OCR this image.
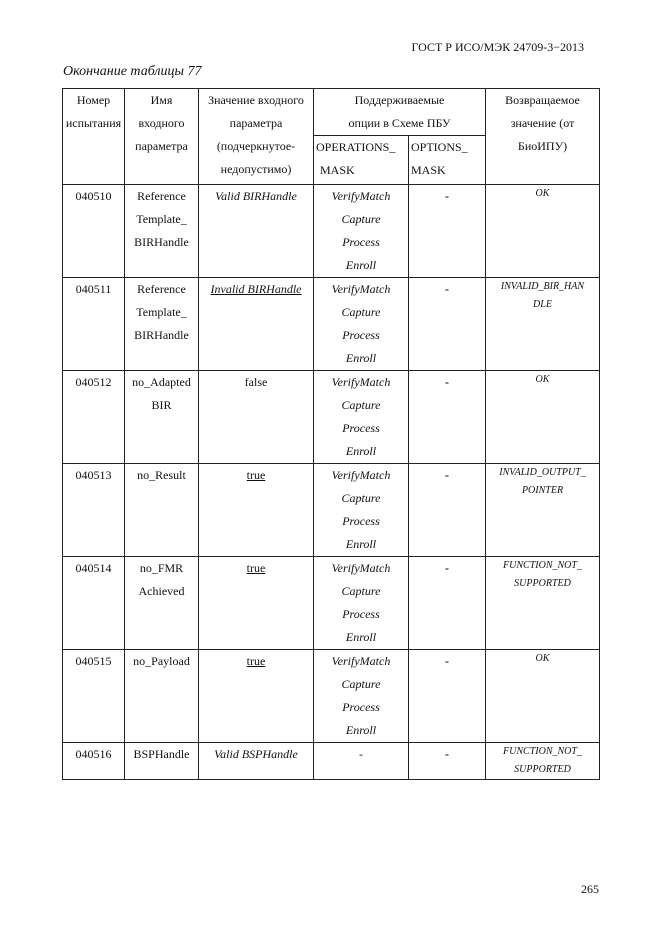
ГОСТ Р ИСО/МЭК 24709-3−2013
Окончание таблицы 77
Номер
испытания	Имя
входного
параметра	Значение входного
параметра
(подчеркнутое-
недопустимо)	Поддерживаемые
опции в Схеме ПБУ		Возвращаемое
значение (от
БиоИПУ)

			OPERATIONS_
MASK	OPTIONS_
MASK	

040510	Reference
Template_
BIRHandle	Valid BIRHandle	VerifyMatch
Capture
Process
Enroll	-	OK

040511	Reference
Template_
BIRHandle	Invalid BIRHandle	VerifyMatch
Capture
Process
Enroll	-	INVALID_BIR_HAN
DLE

040512	no_Adapted
BIR	false	VerifyMatch
Capture
Process
Enroll	-	OK

040513	no_Result	true	VerifyMatch
Capture
Process
Enroll	-	INVALID_OUTPUT_
POINTER

040514	no_FMR
Achieved	true	VerifyMatch
Capture
Process
Enroll	-	FUNCTION_NOT_
SUPPORTED

040515	no_Payload	true	VerifyMatch
Capture
Process
Enroll	-	OK

040516	BSPHandle	Valid BSPHandle	-	-	FUNCTION_NOT_
SUPPORTED
265
